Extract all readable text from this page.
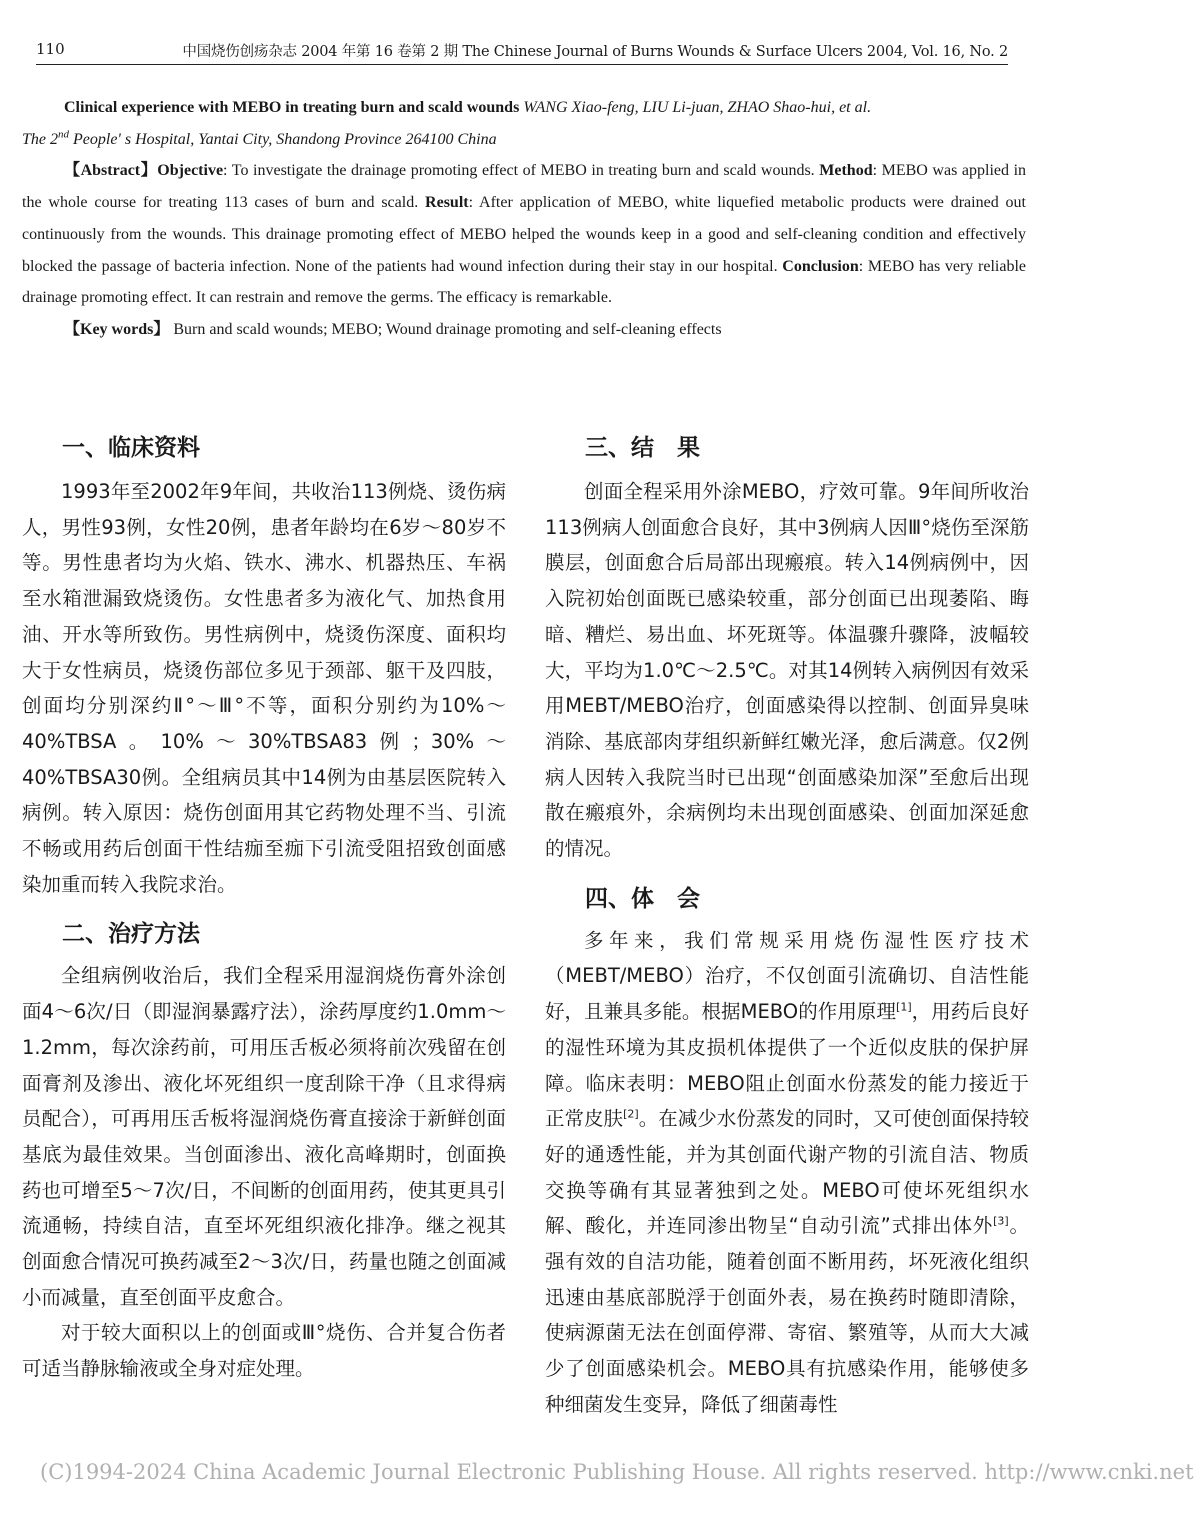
110	中国烧伤创疡杂志 2004 年第 16 卷第 2 期 The Chinese Journal of Burns Wounds & Surface Ulcers 2004, Vol. 16, No. 2

Clinical experience with MEBO in treating burn and scald wounds WANG Xiao-feng, LIU Li-juan, ZHAO Shao-hui, et al.

The 2nd People' s Hospital, Yantai City, Shandong Province 264100 China

【Abstract】Objective: To investigate the drainage promoting effect of MEBO in treating burn and scald wounds. Method: MEBO was applied in the whole course for treating 113 cases of burn and scald. Result: After application of MEBO, white liquefied metabolic products were drained out continuously from the wounds. This drainage promoting effect of MEBO helped the wounds keep in a good and self-cleaning condition and effectively blocked the passage of bacteria infection. None of the patients had wound infection during their stay in our hospital. Conclusion: MEBO has very reliable drainage promoting effect. It can restrain and remove the germs. The efficacy is remarkable.

【Key words】 Burn and scald wounds; MEBO; Wound drainage promoting and self-cleaning effects

一、临床资料

1993年至2002年9年间，共收治113例烧、烫伤病人，男性93例，女性20例，患者年龄均在6岁～80岁不等。男性患者均为火焰、铁水、沸水、机器热压、车祸至水箱泄漏致烧烫伤。女性患者多为液化气、加热食用油、开水等所致伤。男性病例中，烧烫伤深度、面积均大于女性病员，烧烫伤部位多见于颈部、躯干及四肢，创面均分别深约Ⅱ°～Ⅲ°不等，面积分别约为10%～40%TBSA。10%～30%TBSA83例；30%～40%TBSA30例。全组病员其中14例为由基层医院转入病例。转入原因：烧伤创面用其它药物处理不当、引流不畅或用药后创面干性结痂至痂下引流受阻招致创面感染加重而转入我院求治。

二、治疗方法

全组病例收治后，我们全程采用湿润烧伤膏外涂创面4～6次/日（即湿润暴露疗法），涂药厚度约1.0mm～1.2mm，每次涂药前，可用压舌板必须将前次残留在创面膏剂及渗出、液化坏死组织一度刮除干净（且求得病员配合），可再用压舌板将湿润烧伤膏直接涂于新鲜创面基底为最佳效果。当创面渗出、液化高峰期时，创面换药也可增至5～7次/日，不间断的创面用药，使其更具引流通畅，持续自洁，直至坏死组织液化排净。继之视其创面愈合情况可换药减至2～3次/日，药量也随之创面减小而减量，直至创面平皮愈合。

对于较大面积以上的创面或Ⅲ°烧伤、合并复合伤者可适当静脉输液或全身对症处理。

三、结　果

创面全程采用外涂MEBO，疗效可靠。9年间所收治113例病人创面愈合良好，其中3例病人因Ⅲ°烧伤至深筋膜层，创面愈合后局部出现瘢痕。转入14例病例中，因入院初始创面既已感染较重，部分创面已出现萎陷、晦暗、糟烂、易出血、坏死斑等。体温骤升骤降，波幅较大，平均为1.0℃～2.5℃。对其14例转入病例因有效采用MEBT/MEBO治疗，创面感染得以控制、创面异臭味消除、基底部肉芽组织新鲜红嫩光泽，愈后满意。仅2例病人因转入我院当时已出现“创面感染加深”至愈后出现散在瘢痕外，余病例均未出现创面感染、创面加深延愈的情况。

四、体　会

多年来，我们常规采用烧伤湿性医疗技术（MEBT/MEBO）治疗，不仅创面引流确切、自洁性能好，且兼具多能。根据MEBO的作用原理[1]，用药后良好的湿性环境为其皮损机体提供了一个近似皮肤的保护屏障。临床表明：MEBO阻止创面水份蒸发的能力接近于正常皮肤[2]。在减少水份蒸发的同时，又可使创面保持较好的通透性能，并为其创面代谢产物的引流自洁、物质交换等确有其显著独到之处。MEBO可使坏死组织水解、酸化，并连同渗出物呈“自动引流”式排出体外[3]。强有效的自洁功能，随着创面不断用药，坏死液化组织迅速由基底部脱浮于创面外表，易在换药时随即清除，使病源菌无法在创面停滞、寄宿、繁殖等，从而大大减少了创面感染机会。MEBO具有抗感染作用，能够使多种细菌发生变异，降低了细菌毒性

(C)1994-2024 China Academic Journal Electronic Publishing House. All rights reserved. http://www.cnki.net
